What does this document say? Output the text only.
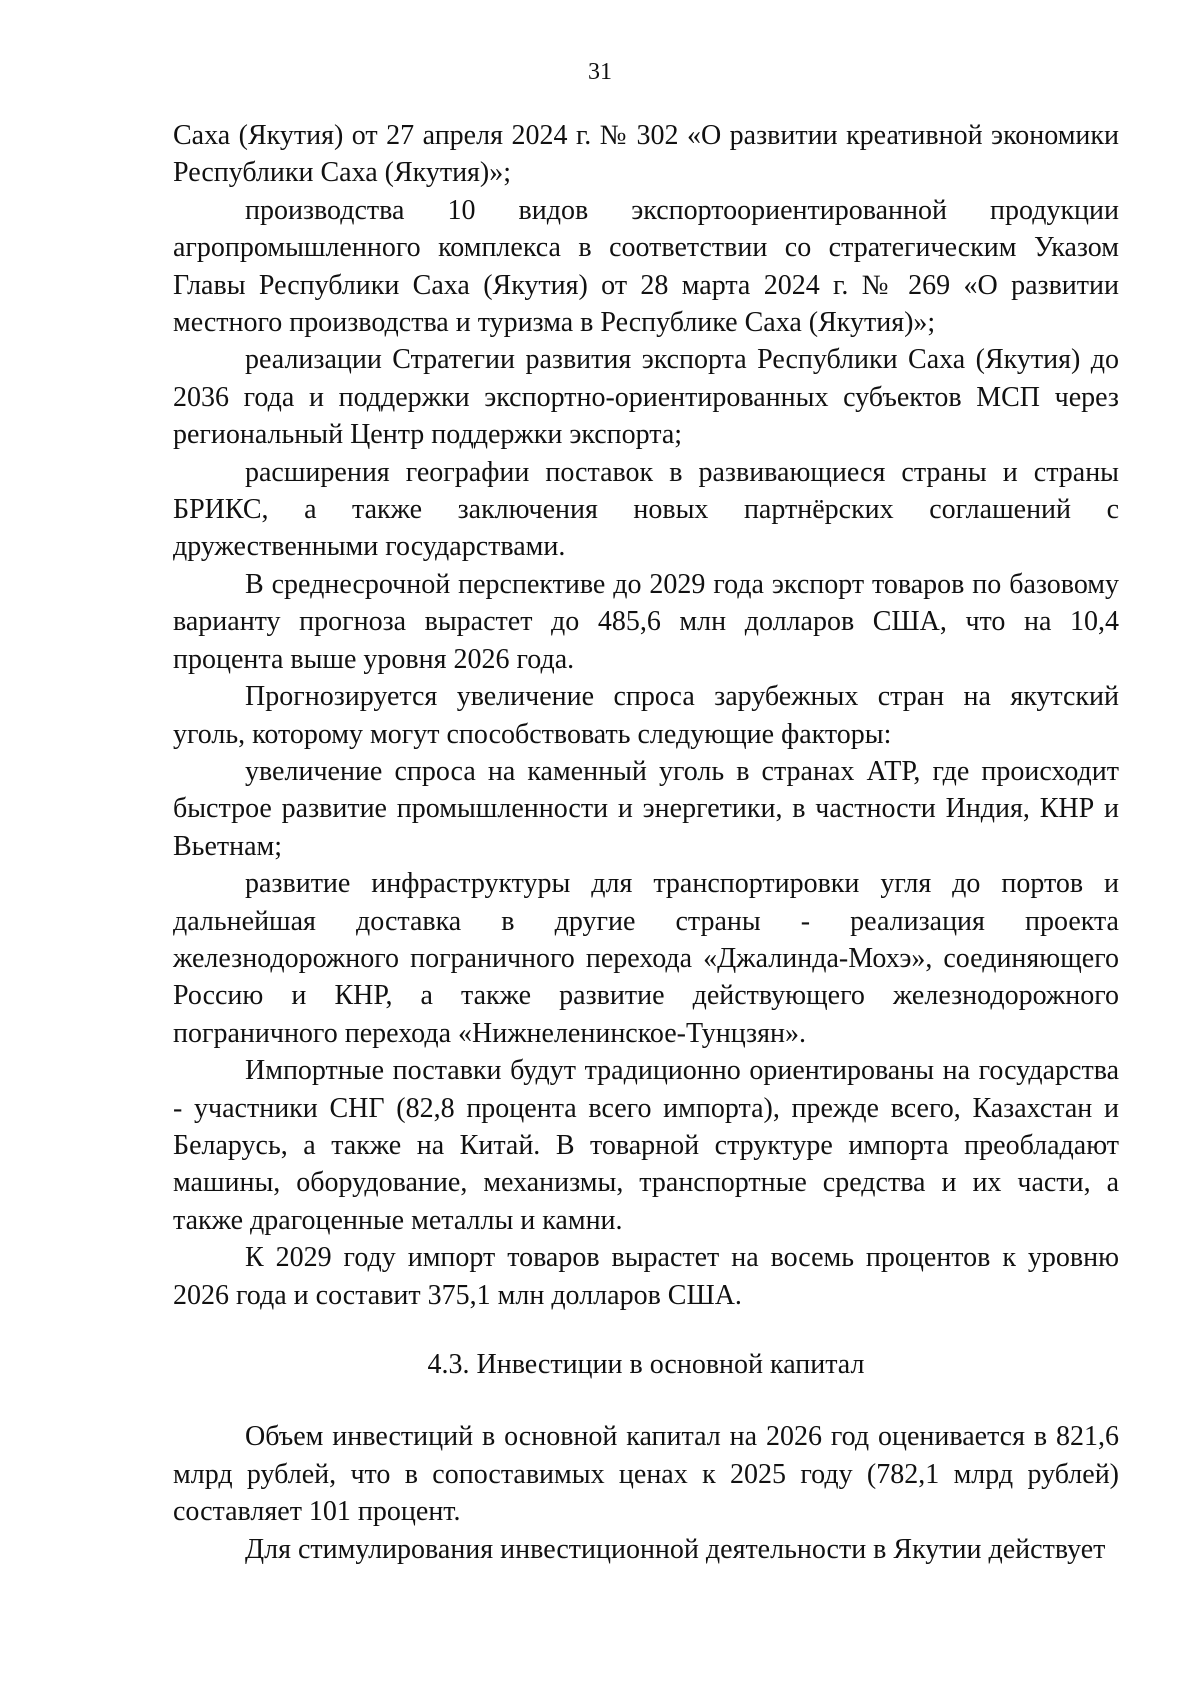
31

Саха (Якутия) от 27 апреля 2024 г. № 302 «О развитии креативной экономики Республики Саха (Якутия)»;

производства 10 видов экспортоориентированной продукции агропромышленного комплекса в соответствии со стратегическим Указом Главы Республики Саха (Якутия) от 28 марта 2024 г. № 269 «О развитии местного производства и туризма в Республике Саха (Якутия)»;

реализации Стратегии развития экспорта Республики Саха (Якутия) до 2036 года и поддержки экспортно-ориентированных субъектов МСП через региональный Центр поддержки экспорта;

расширения географии поставок в развивающиеся страны и страны БРИКС, а также заключения новых партнёрских соглашений с дружественными государствами.

В среднесрочной перспективе до 2029 года экспорт товаров по базовому варианту прогноза вырастет до 485,6 млн долларов США, что на 10,4 процента выше уровня 2026 года.

Прогнозируется увеличение спроса зарубежных стран на якутский уголь, которому могут способствовать следующие факторы:

увеличение спроса на каменный уголь в странах АТР, где происходит быстрое развитие промышленности и энергетики, в частности Индия, КНР и Вьетнам;

развитие инфраструктуры для транспортировки угля до портов и дальнейшая доставка в другие страны - реализация проекта железнодорожного пограничного перехода «Джалинда-Мохэ», соединяющего Россию и КНР, а также развитие действующего железнодорожного пограничного перехода «Нижнеленинское-Тунцзян».

Импортные поставки будут традиционно ориентированы на государства - участники СНГ (82,8 процента всего импорта), прежде всего, Казахстан и Беларусь, а также на Китай. В товарной структуре импорта преобладают машины, оборудование, механизмы, транспортные средства и их части, а также драгоценные металлы и камни.

К 2029 году импорт товаров вырастет на восемь процентов к уровню 2026 года и составит 375,1 млн долларов США.

4.3. Инвестиции в основной капитал

Объем инвестиций в основной капитал на 2026 год оценивается в 821,6 млрд рублей, что в сопоставимых ценах к 2025 году (782,1 млрд рублей) составляет 101 процент.

Для стимулирования инвестиционной деятельности в Якутии действует
